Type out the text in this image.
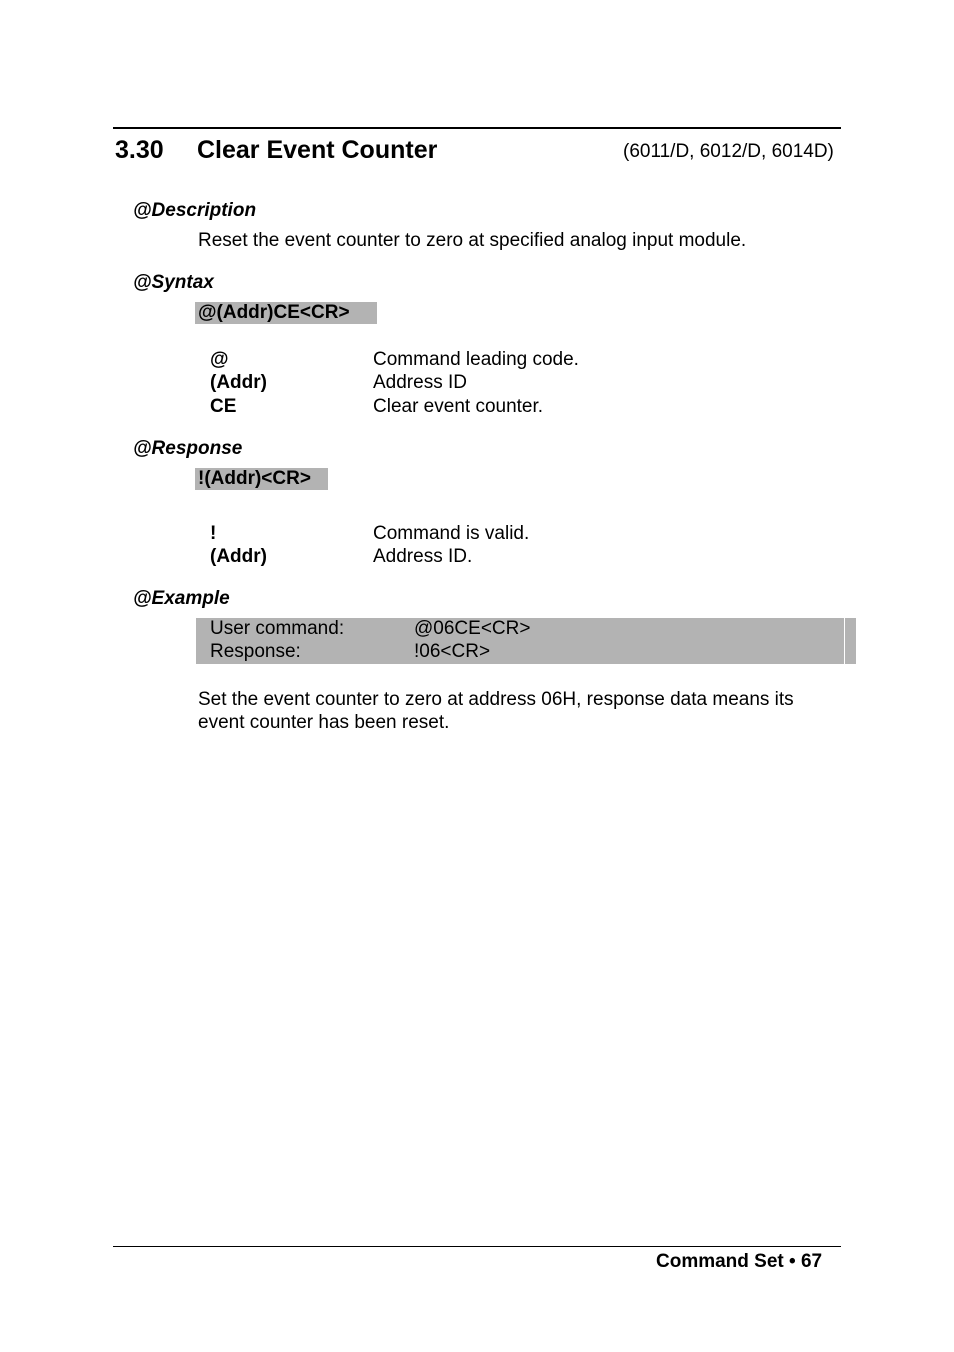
3.30 Clear Event Counter	(6011/D, 6012/D, 6014D)
@Description
Reset the event counter to zero at specified analog input module.
@Syntax
@(Addr)CE<CR>
@	Command leading code.
(Addr)	Address ID
CE	Clear event counter.
@Response
!(Addr)<CR>
!	Command is valid.
(Addr)	Address ID.
@Example
User command:	@06CE<CR>
Response:	!06<CR>
Set the event counter to zero at address 06H, response data means its
event counter has been reset.
Command Set • 67
